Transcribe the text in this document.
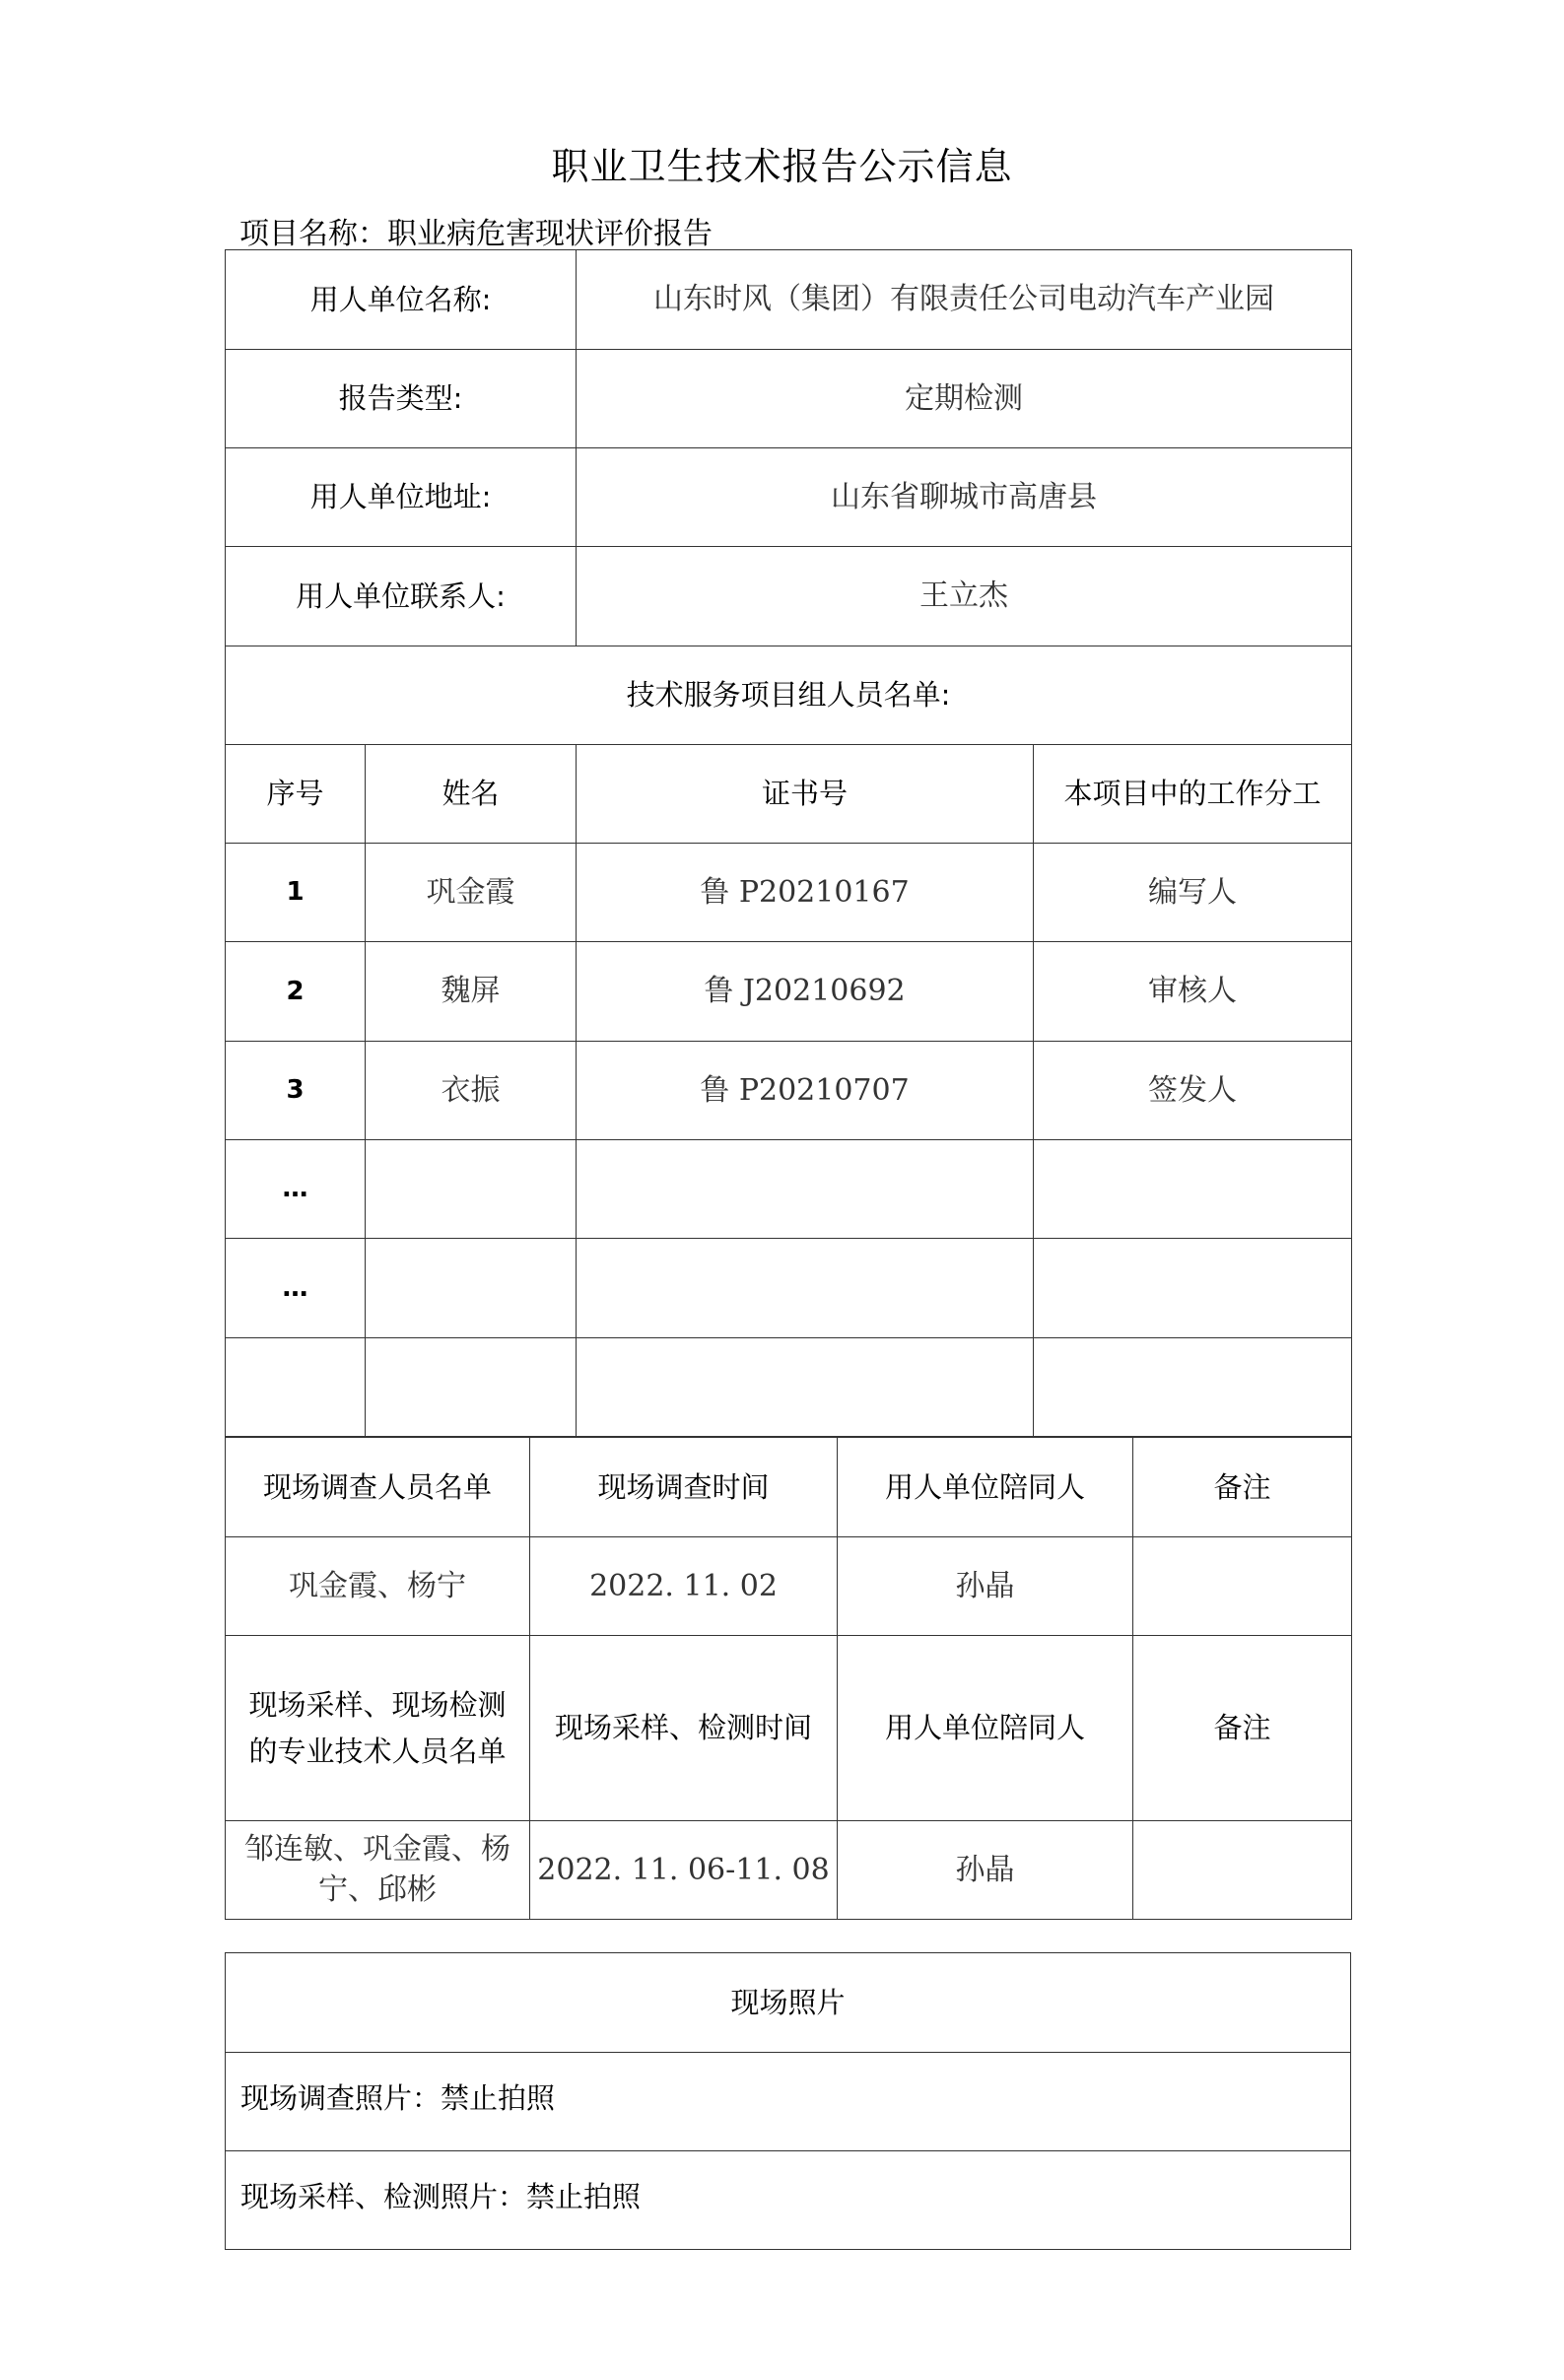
职业卫生技术报告公示信息
项目名称：职业病危害现状评价报告
用人单位名称:		山东时风（集团）有限责任公司电动汽车产业园	
报告类型:		定期检测	
用人单位地址:		山东省聊城市高唐县	
用人单位联系人:		王立杰	
技术服务项目组人员名单:			
序号	姓名	证书号	本项目中的工作分工
1	巩金霞	鲁 P20210167	编写人
2	魏屏	鲁 J20210692	审核人
3	衣振	鲁 P20210707	签发人
…			
…			

现场调查人员名单	现场调查时间	用人单位陪同人	备注
巩金霞、杨宁	2022. 11. 02	孙晶	
现场采样、现场检测的专业技术人员名单	现场采样、检测时间	用人单位陪同人	备注
邹连敏、巩金霞、杨宁、邱彬	2022. 11. 06-11. 08	孙晶	
现场照片
现场调查照片：禁止拍照
现场采样、检测照片：禁止拍照
